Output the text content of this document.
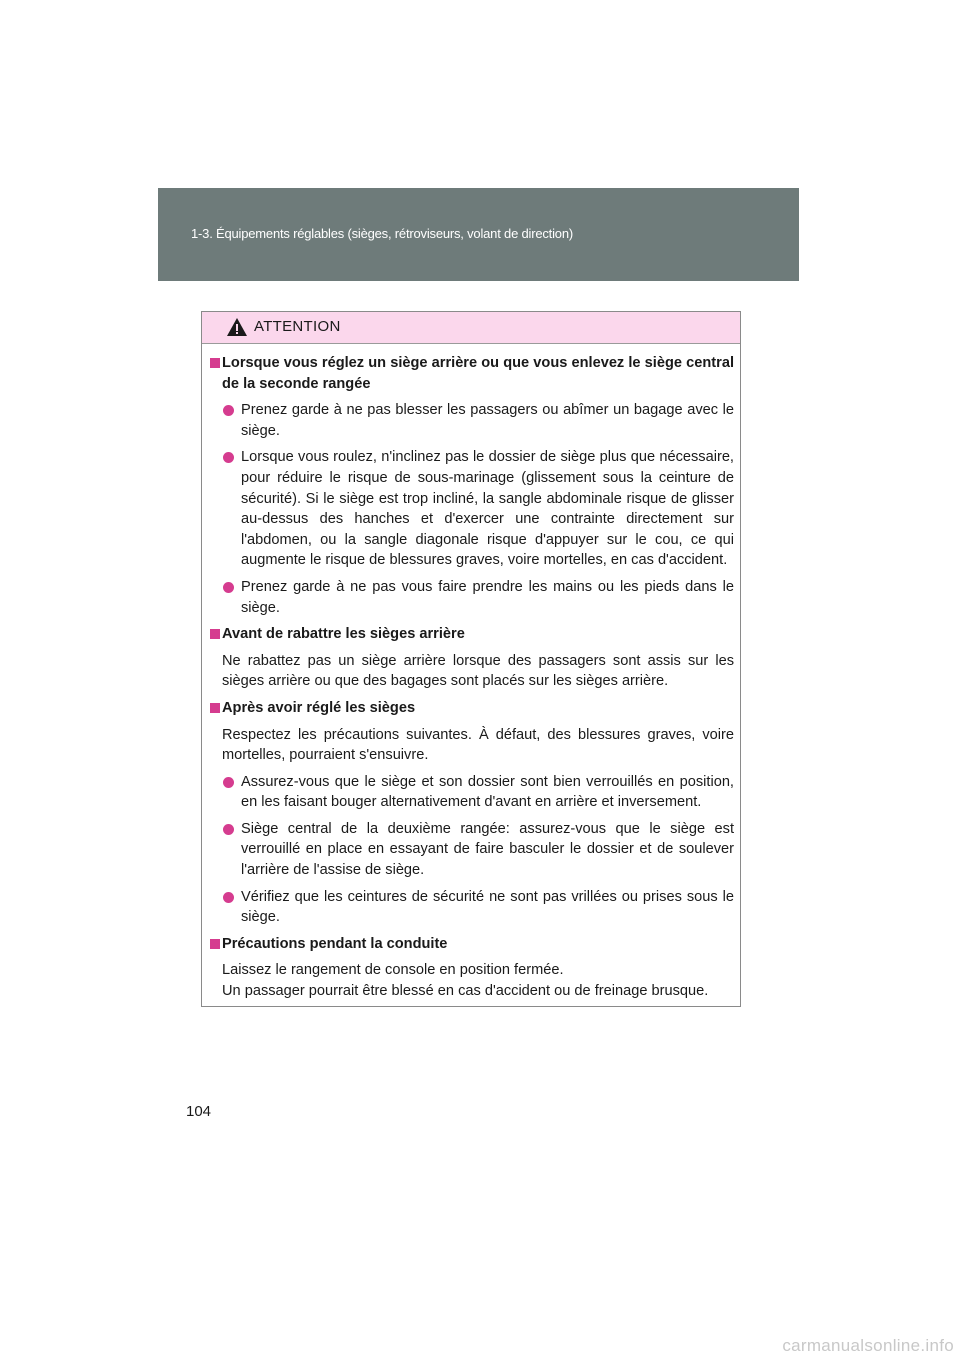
1-3. Équipements réglables (sièges, rétroviseurs, volant de direction)
ATTENTION
Lorsque vous réglez un siège arrière ou que vous enlevez le siège central de la seconde rangée
Prenez garde à ne pas blesser les passagers ou abîmer un bagage avec le siège.
Lorsque vous roulez, n'inclinez pas le dossier de siège plus que nécessaire, pour réduire le risque de sous-marinage (glissement sous la ceinture de sécurité). Si le siège est trop incliné, la sangle abdominale risque de glisser au-dessus des hanches et d'exercer une contrainte directement sur l'abdomen, ou la sangle diagonale risque d'appuyer sur le cou, ce qui augmente le risque de blessures graves, voire mortelles, en cas d'accident.
Prenez garde à ne pas vous faire prendre les mains ou les pieds dans le siège.
Avant de rabattre les sièges arrière
Ne rabattez pas un siège arrière lorsque des passagers sont assis sur les sièges arrière ou que des bagages sont placés sur les sièges arrière.
Après avoir réglé les sièges
Respectez les précautions suivantes. À défaut, des blessures graves, voire mortelles, pourraient s'ensuivre.
Assurez-vous que le siège et son dossier sont bien verrouillés en position, en les faisant bouger alternativement d'avant en arrière et inversement.
Siège central de la deuxième rangée: assurez-vous que le siège est verrouillé en place en essayant de faire basculer le dossier et de soulever l'arrière de l'assise de siège.
Vérifiez que les ceintures de sécurité ne sont pas vrillées ou prises sous le siège.
Précautions pendant la conduite
Laissez le rangement de console en position fermée.
Un passager pourrait être blessé en cas d'accident ou de freinage brusque.
104
carmanualsonline.info
